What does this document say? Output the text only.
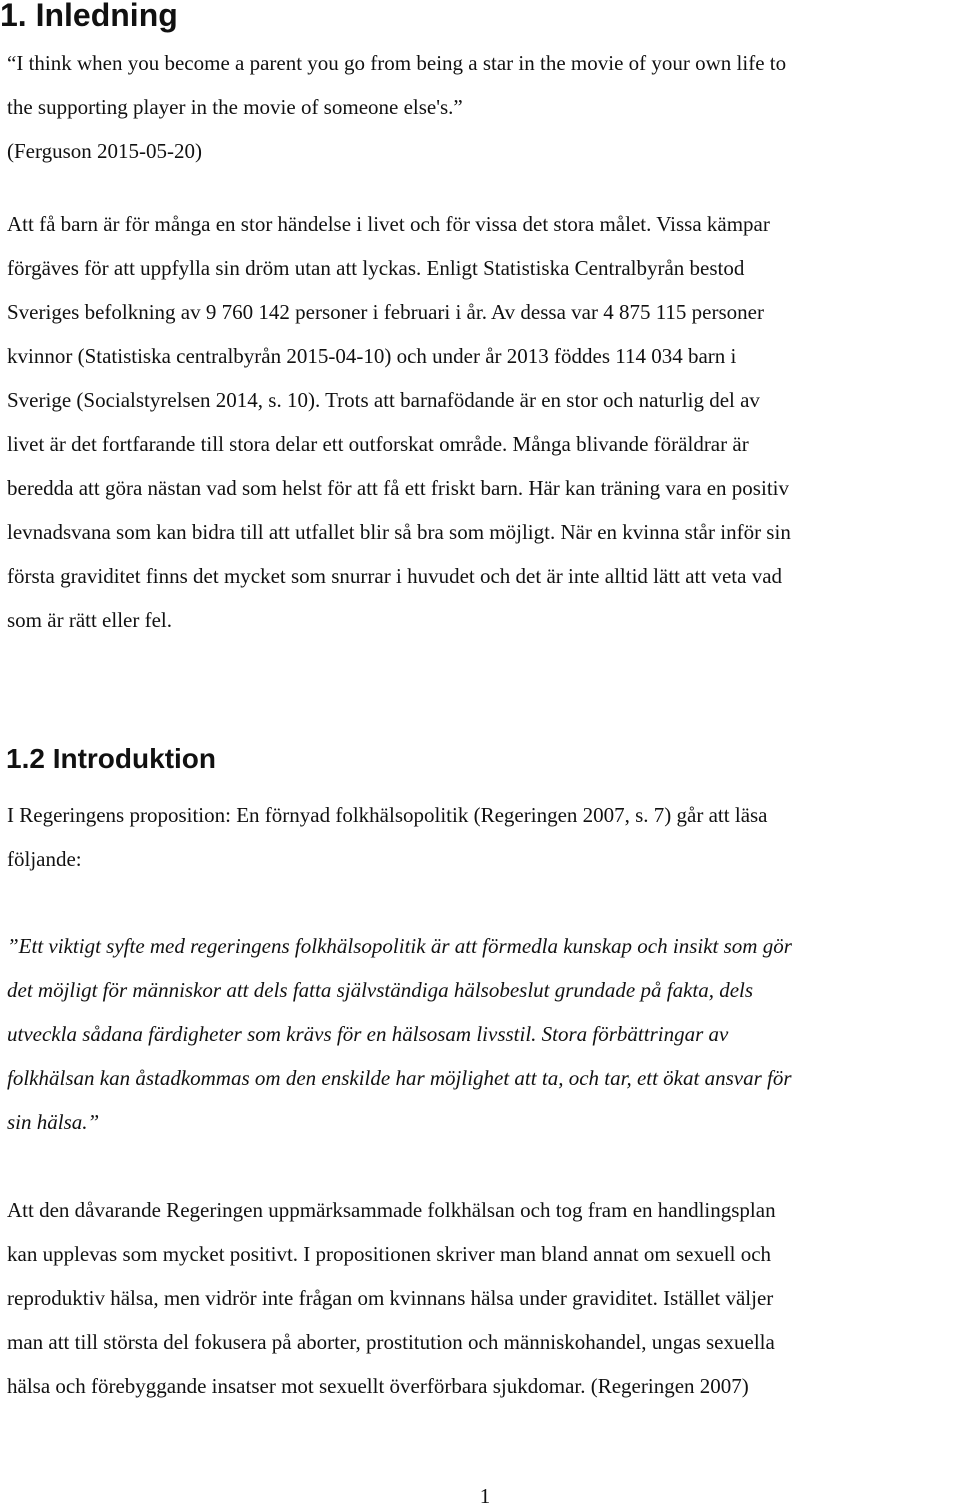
1. Inledning
“I think when you become a parent you go from being a star in the movie of your own life to
the supporting player in the movie of someone else's.”
(Ferguson 2015-05-20)
Att få barn är för många en stor händelse i livet och för vissa det stora målet. Vissa kämpar
förgäves för att uppfylla sin dröm utan att lyckas. Enligt Statistiska Centralbyrån bestod
Sveriges befolkning av 9 760 142 personer i februari i år. Av dessa var 4 875 115 personer
kvinnor (Statistiska centralbyrån 2015-04-10) och under år 2013 föddes 114 034 barn i
Sverige (Socialstyrelsen 2014, s. 10). Trots att barnafödande är en stor och naturlig del av
livet är det fortfarande till stora delar ett outforskat område. Många blivande föräldrar är
beredda att göra nästan vad som helst för att få ett friskt barn. Här kan träning vara en positiv
levnadsvana som kan bidra till att utfallet blir så bra som möjligt. När en kvinna står inför sin
första graviditet finns det mycket som snurrar i huvudet och det är inte alltid lätt att veta vad
som är rätt eller fel.
1.2 Introduktion
I Regeringens proposition: En förnyad folkhälsopolitik (Regeringen 2007, s. 7) går att läsa
följande:
”Ett viktigt syfte med regeringens folkhälsopolitik är att förmedla kunskap och insikt som gör
det möjligt för människor att dels fatta självständiga hälsobeslut grundade på fakta, dels
utveckla sådana färdigheter som krävs för en hälsosam livsstil. Stora förbättringar av
folkhälsan kan åstadkommas om den enskilde har möjlighet att ta, och tar, ett ökat ansvar för
sin hälsa.”
Att den dåvarande Regeringen uppmärksammade folkhälsan och tog fram en handlingsplan
kan upplevas som mycket positivt. I propositionen skriver man bland annat om sexuell och
reproduktiv hälsa, men vidrör inte frågan om kvinnans hälsa under graviditet. Istället väljer
man att till största del fokusera på aborter, prostitution och människohandel, ungas sexuella
hälsa och förebyggande insatser mot sexuellt överförbara sjukdomar. (Regeringen 2007)
1
